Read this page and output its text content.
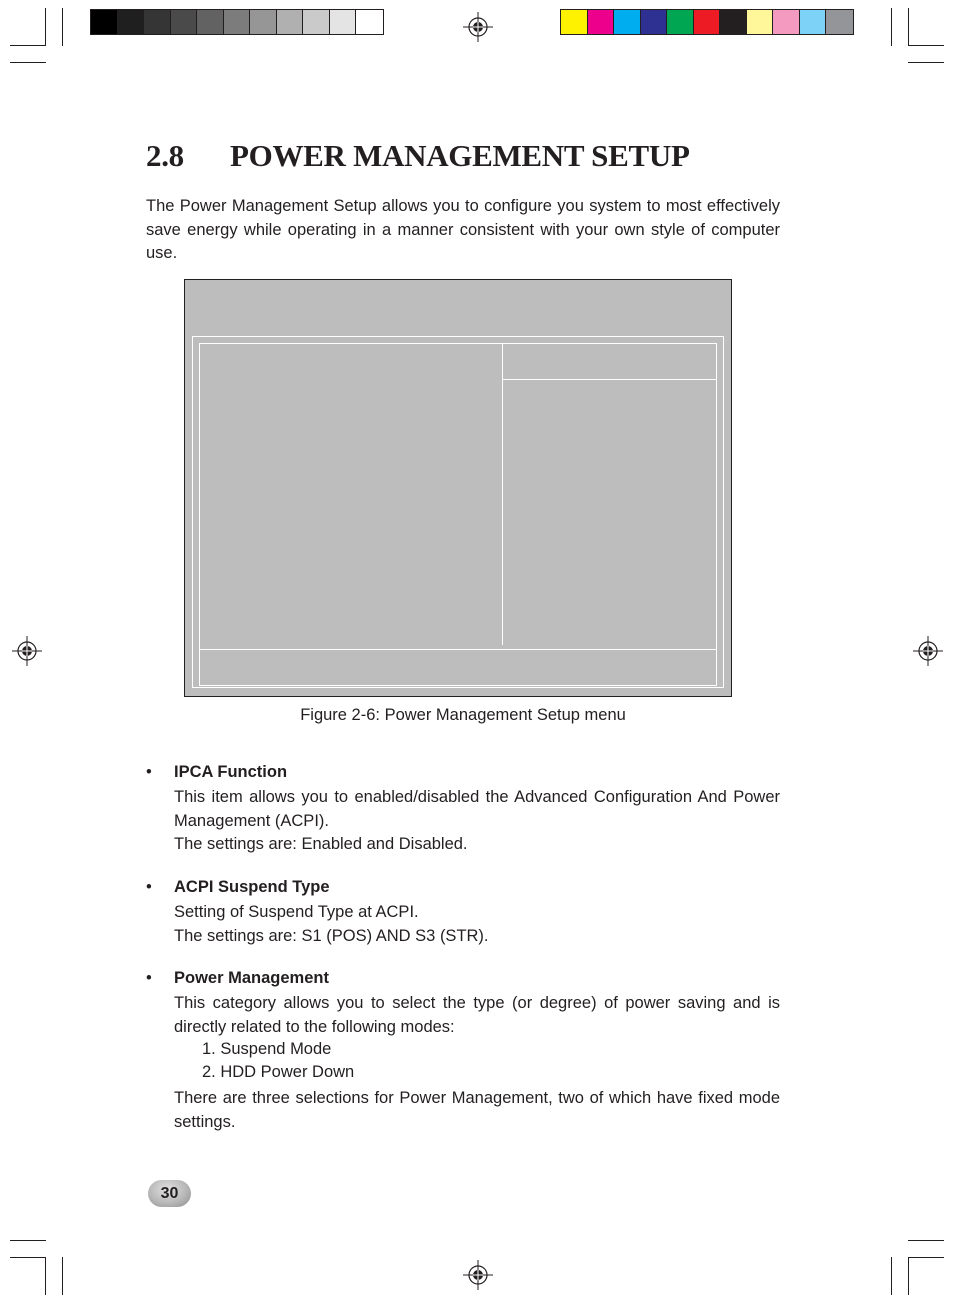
2.8 POWER MANAGEMENT SETUP
The Power Management Setup allows you to configure you system to most effectively save energy while operating in a manner consistent with your own style of computer use.
Figure 2-6: Power Management Setup menu
• IPCA Function
This item allows you to enabled/disabled the Advanced Configuration And Power Management (ACPI).
The settings are: Enabled and Disabled.
• ACPI Suspend Type
Setting of Suspend Type at ACPI.
The settings are: S1 (POS) AND S3 (STR).
• Power Management
This category allows you to select the type (or degree) of power saving and is directly related to the following modes:
1. Suspend Mode
2. HDD Power Down
There are three selections for Power Management, two of which have fixed mode settings.
30
